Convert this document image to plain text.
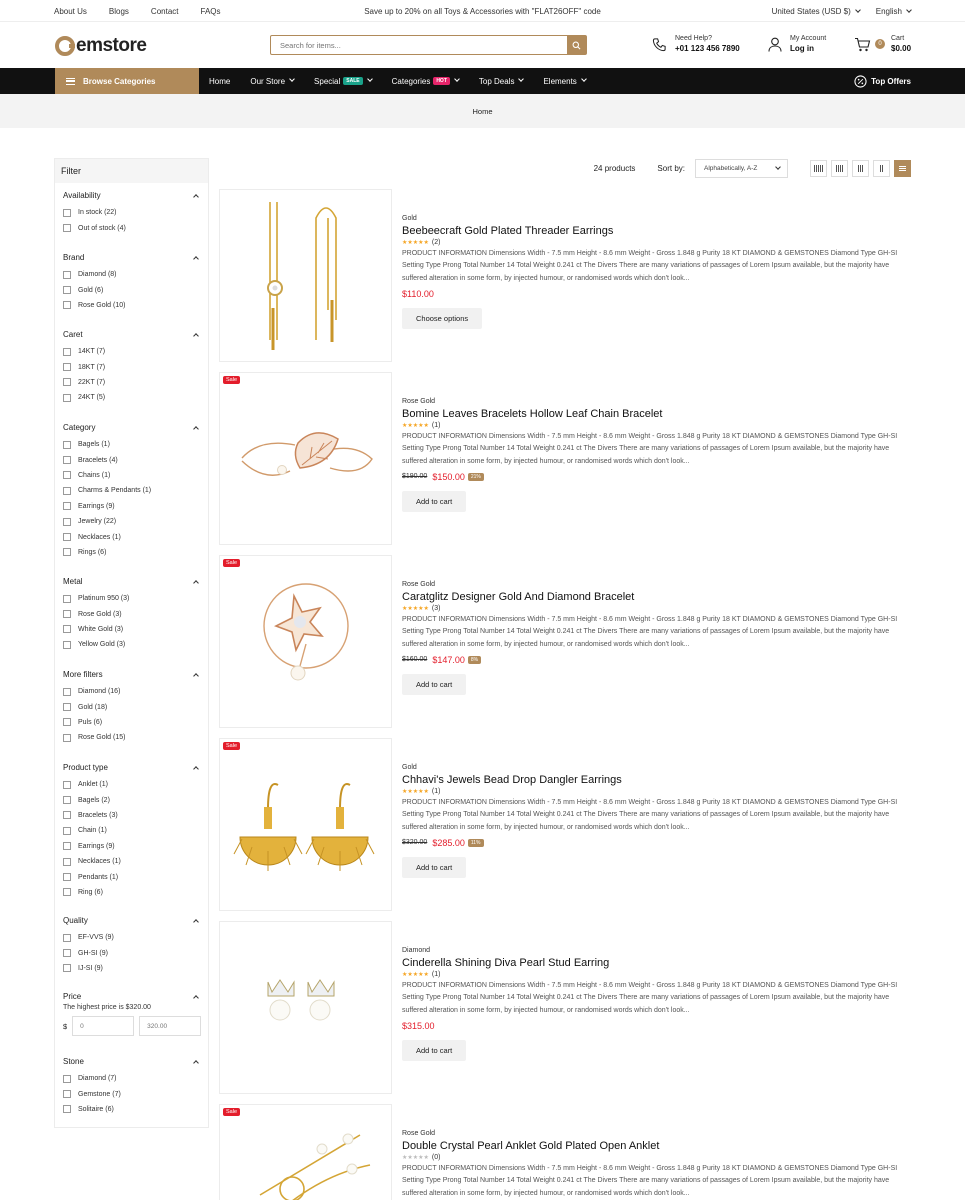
About Us	Blogs	Contact	FAQs	Save up to 20% on all Toys & Accessories with "FLAT26OFF" code	United States (USD $)	English
emstore
Search for items...	Need Help?
+01 123 456 7890
My Account
Log in	0
Cart
$0.00
Browse Categories	Home	Our Store	Special	SALE	Categories	HOT	Top Deals	Elements	Top Offers
Home
Filter
Availability
In stock (22)
Out of stock (4)
Brand
Diamond (8)
Gold (6)
Rose Gold (10)
Caret
14KT (7)
18KT (7)
22KT (7)
24KT (5)
Category
Bagels (1)
Bracelets (4)
Chains (1)
Charms & Pendants (1)
Earrings (9)
Jewelry (22)
Necklaces (1)
Rings (6)
Metal
Platinum 950 (3)
Rose Gold (3)
White Gold (3)
Yellow Gold (3)
More filters
Diamond (16)
Gold (18)
Puls (6)
Rose Gold (15)
Product type
Anklet (1)
Bagels (2)
Bracelets (3)
Chain (1)
Earrings (9)
Necklaces (1)
Pendants (1)
Ring (6)
Quality
EF-VVS (9)
GH-SI (9)
IJ-SI (9)
Price
The highest price is $320.00
$
0
320.00
Stone
Diamond (7)
Gemstone (7)
Solitaire (6)
24 products	Sort by:	Alphabetically, A-Z
Gold
Beebeecraft Gold Plated Threader Earrings
★★★★★ (2)
PRODUCT INFORMATION Dimensions Width - 7.5 mm Height - 8.6 mm Weight - Gross 1.848 g Purity 18 KT DIAMOND & GEMSTONES Diamond Type GH-SI Setting Type Prong Total Number 14 Total Weight 0.241 ct The Divers There are many variations of passages of Lorem Ipsum available, but the majority have suffered alteration in some form, by injected humour, or randomised words which don't look...
$110.00
Choose options
Sale
Rose Gold
Bomine Leaves Bracelets Hollow Leaf Chain Bracelet
★★★★★ (1)
PRODUCT INFORMATION Dimensions Width - 7.5 mm Height - 8.6 mm Weight - Gross 1.848 g Purity 18 KT DIAMOND & GEMSTONES Diamond Type GH-SI Setting Type Prong Total Number 14 Total Weight 0.241 ct The Divers There are many variations of passages of Lorem Ipsum available, but the majority have suffered alteration in some form, by injected humour, or randomised words which don't look...
$190.00 $150.00	21%
Add to cart
Sale
Rose Gold
Caratglitz Designer Gold And Diamond Bracelet
★★★★★ (3)
PRODUCT INFORMATION Dimensions Width - 7.5 mm Height - 8.6 mm Weight - Gross 1.848 g Purity 18 KT DIAMOND & GEMSTONES Diamond Type GH-SI Setting Type Prong Total Number 14 Total Weight 0.241 ct The Divers There are many variations of passages of Lorem Ipsum available, but the majority have suffered alteration in some form, by injected humour, or randomised words which don't look...
$160.00 $147.00	8%
Add to cart
Sale
Gold
Chhavi's Jewels Bead Drop Dangler Earrings
★★★★★ (1)
PRODUCT INFORMATION Dimensions Width - 7.5 mm Height - 8.6 mm Weight - Gross 1.848 g Purity 18 KT DIAMOND & GEMSTONES Diamond Type GH-SI Setting Type Prong Total Number 14 Total Weight 0.241 ct The Divers There are many variations of passages of Lorem Ipsum available, but the majority have suffered alteration in some form, by injected humour, or randomised words which don't look...
$320.00 $285.00	11%
Add to cart
Diamond
Cinderella Shining Diva Pearl Stud Earring
★★★★★ (1)
PRODUCT INFORMATION Dimensions Width - 7.5 mm Height - 8.6 mm Weight - Gross 1.848 g Purity 18 KT DIAMOND & GEMSTONES Diamond Type GH-SI Setting Type Prong Total Number 14 Total Weight 0.241 ct The Divers There are many variations of passages of Lorem Ipsum available, but the majority have suffered alteration in some form, by injected humour, or randomised words which don't look...
$315.00
Add to cart
Sale
Rose Gold
Double Crystal Pearl Anklet Gold Plated Open Anklet
★★★★★ (0)
PRODUCT INFORMATION Dimensions Width - 7.5 mm Height - 8.6 mm Weight - Gross 1.848 g Purity 18 KT DIAMOND & GEMSTONES Diamond Type GH-SI Setting Type Prong Total Number 14 Total Weight 0.241 ct The Divers There are many variations of passages of Lorem Ipsum available, but the majority have suffered alteration in some form, by injected humour, or randomised words which don't look...
